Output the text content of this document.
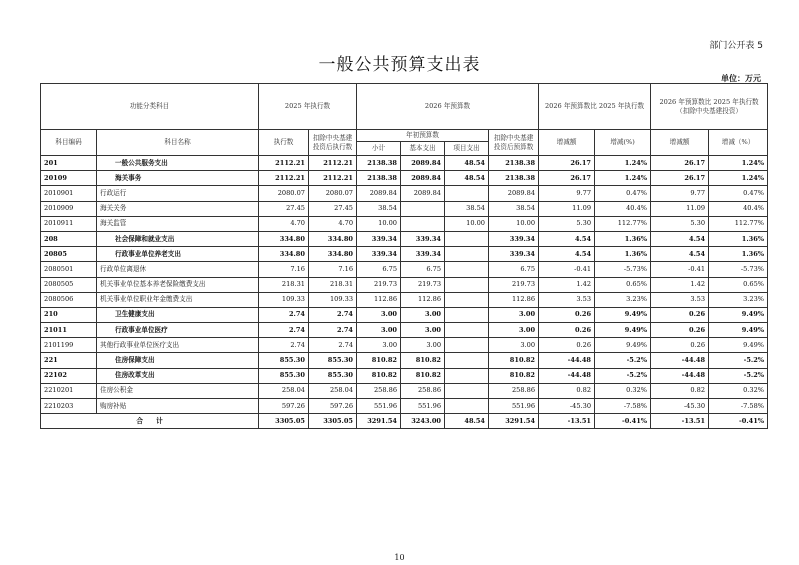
部门公开表 5
一般公共预算支出表
单位：万元
功能分类科目		2025 年执行数		2026 年预算数				2026 年预算数比 2025 年执行数		2026 年预算数比 2025 年执行数 （扣除中央基建投资）	
科目编码	科目名称	执行数	扣除中央基建投资后执行数	年初预算数			扣除中央基建投资后预算数	增减额	增减(%)	增减额	增减（%）
				小计	基本支出	项目支出					
201	一般公共服务支出	2112.21	2112.21	2138.38	2089.84	48.54	2138.38	26.17	1.24%	26.17	1.24%
20109	海关事务	2112.21	2112.21	2138.38	2089.84	48.54	2138.38	26.17	1.24%	26.17	1.24%
2010901	行政运行	2080.07	2080.07	2089.84	2089.84		2089.84	9.77	0.47%	9.77	0.47%
2010909	海关关务	27.45	27.45	38.54		38.54	38.54	11.09	40.4%	11.09	40.4%
2010911	海关监管	4.70	4.70	10.00		10.00	10.00	5.30	112.77%	5.30	112.77%
208	社会保障和就业支出	334.80	334.80	339.34	339.34		339.34	4.54	1.36%	4.54	1.36%
20805	行政事业单位养老支出	334.80	334.80	339.34	339.34		339.34	4.54	1.36%	4.54	1.36%
2080501	行政单位离退休	7.16	7.16	6.75	6.75		6.75	-0.41	-5.73%	-0.41	-5.73%
2080505	机关事业单位基本养老保险缴费支出	218.31	218.31	219.73	219.73		219.73	1.42	0.65%	1.42	0.65%
2080506	机关事业单位职业年金缴费支出	109.33	109.33	112.86	112.86		112.86	3.53	3.23%	3.53	3.23%
210	卫生健康支出	2.74	2.74	3.00	3.00		3.00	0.26	9.49%	0.26	9.49%
21011	行政事业单位医疗	2.74	2.74	3.00	3.00		3.00	0.26	9.49%	0.26	9.49%
2101199	其他行政事业单位医疗支出	2.74	2.74	3.00	3.00		3.00	0.26	9.49%	0.26	9.49%
221	住房保障支出	855.30	855.30	810.82	810.82		810.82	-44.48	-5.2%	-44.48	-5.2%
22102	住房改革支出	855.30	855.30	810.82	810.82		810.82	-44.48	-5.2%	-44.48	-5.2%
2210201	住房公积金	258.04	258.04	258.86	258.86		258.86	0.82	0.32%	0.82	0.32%
2210203	购房补贴	597.26	597.26	551.96	551.96		551.96	-45.30	-7.58%	-45.30	-7.58%
合　　计		3305.05	3305.05	3291.54	3243.00	48.54	3291.54	-13.51	-0.41%	-13.51	-0.41%
10
